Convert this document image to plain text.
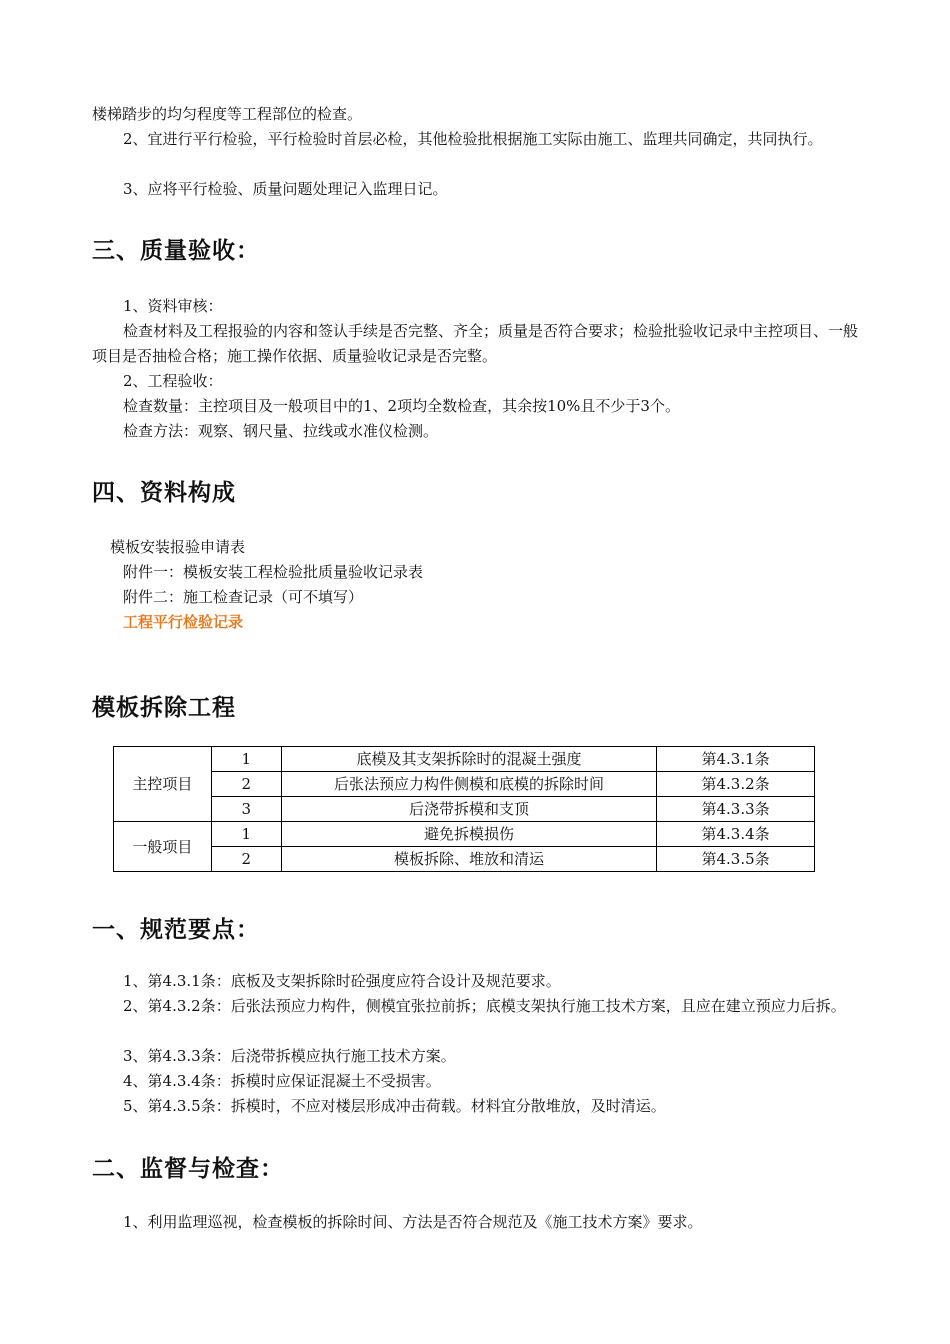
楼梯踏步的均匀程度等工程部位的检查。

2、宜进行平行检验，平行检验时首层必检，其他检验批根据施工实际由施工、监理共同确定，共同执行。

3、应将平行检验、质量问题处理记入监理日记。

三、质量验收：

1、资料审核：

检查材料及工程报验的内容和签认手续是否完整、齐全；质量是否符合要求；检验批验收记录中主控项目、一般项目是否抽检合格；施工操作依据、质量验收记录是否完整。

2、工程验收：

检查数量：主控项目及一般项目中的1、2项均全数检查，其余按10%且不少于3个。

检查方法：观察、钢尺量、拉线或水准仪检测。

四、资料构成

模板安装报验申请表

附件一：模板安装工程检验批质量验收记录表

附件二：施工检查记录（可不填写）

工程平行检验记录

模板拆除工程
主控项目	1	底模及其支架拆除时的混凝土强度	第4.3.1条
	2	后张法预应力构件侧模和底模的拆除时间	第4.3.2条
	3	后浇带拆模和支顶	第4.3.3条
一般项目	1	避免拆模损伤	第4.3.4条
	2	模板拆除、堆放和清运	第4.3.5条
一、规范要点：

1、第4.3.1条：底板及支架拆除时砼强度应符合设计及规范要求。

2、第4.3.2条：后张法预应力构件，侧模宜张拉前拆；底模支架执行施工技术方案，且应在建立预应力后拆。

3、第4.3.3条：后浇带拆模应执行施工技术方案。

4、第4.3.4条：拆模时应保证混凝土不受损害。

5、第4.3.5条：拆模时，不应对楼层形成冲击荷载。材料宜分散堆放，及时清运。

二、监督与检查：

1、利用监理巡视，检查模板的拆除时间、方法是否符合规范及《施工技术方案》要求。
